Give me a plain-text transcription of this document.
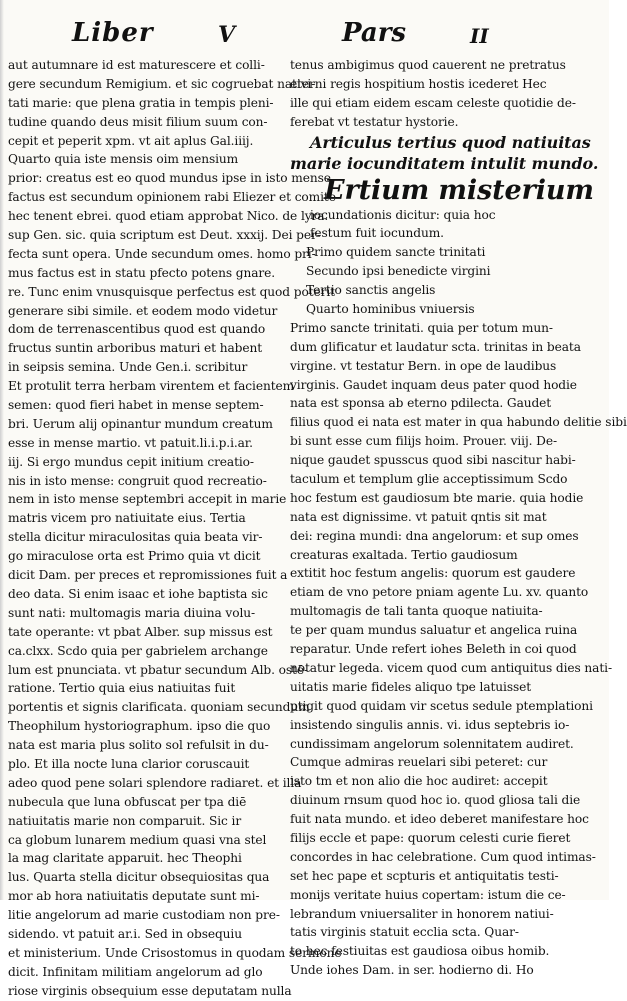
Liber	V	Pars	II
aut autumnare id est maturescere et colli-
gere secundum Remigium. et sic cogruebat nativi-
tati marie: que plena gratia in tempis pleni-
tudine quando deus misit filium suum con-
cepit et peperit xpm. vt ait aplus Gal.iiij.
Quarto quia iste mensis oim mensium
prior: creatus est eo quod mundus ipse in isto mense
factus est secundum opinionem rabi Eliezer et comite
hec tenent ebrei. quod etiam approbat Nico. de lyra.
sup Gen. sic. quia scriptum est Deut. xxxij. Dei per-
fecta sunt opera. Unde secundum omes. homo pri-
mus factus est in statu pfecto potens gnare.
re. Tunc enim vnusquisque perfectus est quod poterit
generare sibi simile. et eodem modo videtur
dom de terrenascentibus quod est quando
fructus suntin arboribus maturi et habent
in seipsis semina. Unde Gen.i. scribitur
Et protulit terra herbam virentem et facientem
semen: quod fieri habet in mense septem-
bri. Uerum alij opinantur mundum creatum
esse in mense martio. vt patuit.li.i.p.i.ar.
iij. Si ergo mundus cepit initium creatio-
nis in isto mense: congruit quod recreatio-
nem in isto mense septembri accepit in marie
matris vicem pro natiuitate eius. Tertia
stella dicitur miraculositas quia beata vir-
go miraculose orta est Primo quia vt dicit
dicit Dam. per preces et repromissiones fuit a
deo data. Si enim isaac et iohe baptista sic
sunt nati: multomagis maria diuina volu-
tate operante: vt pbat Alber. sup missus est
ca.clxx. Scdo quia per gabrielem archange
lum est pnunciata. vt pbatur secundum Alb. ostē-
ratione. Tertio quia eius natiuitas fuit
portentis et signis clarificata. quoniam secundum
Theophilum hystoriographum. ipso die quo
nata est maria plus solito sol refulsit in du-
plo. Et illa nocte luna clarior coruscauit
adeo quod pene solari splendore radiaret. et illa
nubecula que luna obfuscat per tpa diē
natiuitatis marie non comparuit. Sic ir
ca globum lunarem medium quasi vna stel
la mag claritate apparuit. hec Theophi
lus. Quarta stella dicitur obsequiositas qua
mor ab hora natiuitatis deputate sunt mi-
litie angelorum ad marie custodiam non pre-
sidendo. vt patuit ar.i. Sed in obsequiu
et ministerium. Unde Crisostomus in quodam sermone
dicit. Infinitam militiam angelorum ad glo
riose virginis obsequium esse deputatam nulla
tenus ambigimus quod cauerent ne pretratus
eterni regis hospitium hostis icederet Hec
ille qui etiam eidem escam celeste quotidie de-
ferebat vt testatur hystorie.
Articulus tertius quod natiuitas
marie iocunditatem intulit mundo.
Ertium misterium
iocundationis dicitur: quia hoc
festum fuit iocundum.
Primo quidem sancte trinitati
Secundo ipsi benedicte virgini
Tertio sanctis angelis
Quarto hominibus vniuersis
Primo sancte trinitati. quia per totum mun-
dum glificatur et laudatur scta. trinitas in beata
virgine. vt testatur Bern. in ope de laudibus
virginis. Gaudet inquam deus pater quod hodie
nata est sponsa ab eterno pdilecta. Gaudet
filius quod ei nata est mater in qua habundo delitie sibi
bi sunt esse cum filijs hoim. Prouer. viij. De-
nique gaudet spusscus quod sibi nascitur habi-
taculum et templum glie acceptissimum Scdo
hoc festum est gaudiosum bte marie. quia hodie
nata est dignissime. vt patuit qntis sit mat
dei: regina mundi: dna angelorum: et sup omes
creaturas exaltada. Tertio gaudiosum
extitit hoc festum angelis: quorum est gaudere
etiam de vno petore pniam agente Lu. xv. quanto
multomagis de tali tanta quoque natiuita-
te per quam mundus saluatur et angelica ruina
reparatur. Unde refert iohes Beleth in coi quod
notatur legeda. vicem quod cum antiquitus dies nati-
uitatis marie fideles aliquo tpe latuisset
ptigit quod quidam vir scetus sedule ptemplationi
insistendo singulis annis. vi. idus septebris io-
cundissimam angelorum solennitatem audiret.
Cumque admiras reuelari sibi peteret: cur
isto tm et non alio die hoc audiret: accepit
diuinum rnsum quod hoc io. quod gliosa tali die
fuit nata mundo. et ideo deberet manifestare hoc
filijs eccle et pape: quorum celesti curie fieret
concordes in hac celebratione. Cum quod intimas-
set hec pape et scpturis et antiquitatis testi-
monijs veritate huius copertam: istum die ce-
lebrandum vniuersaliter in honorem natiui-
tatis virginis statuit ecclia scta. Quar-
to hec festiuitas est gaudiosa oibus homib.
Unde iohes Dam. in ser. hodierno di. Ho
